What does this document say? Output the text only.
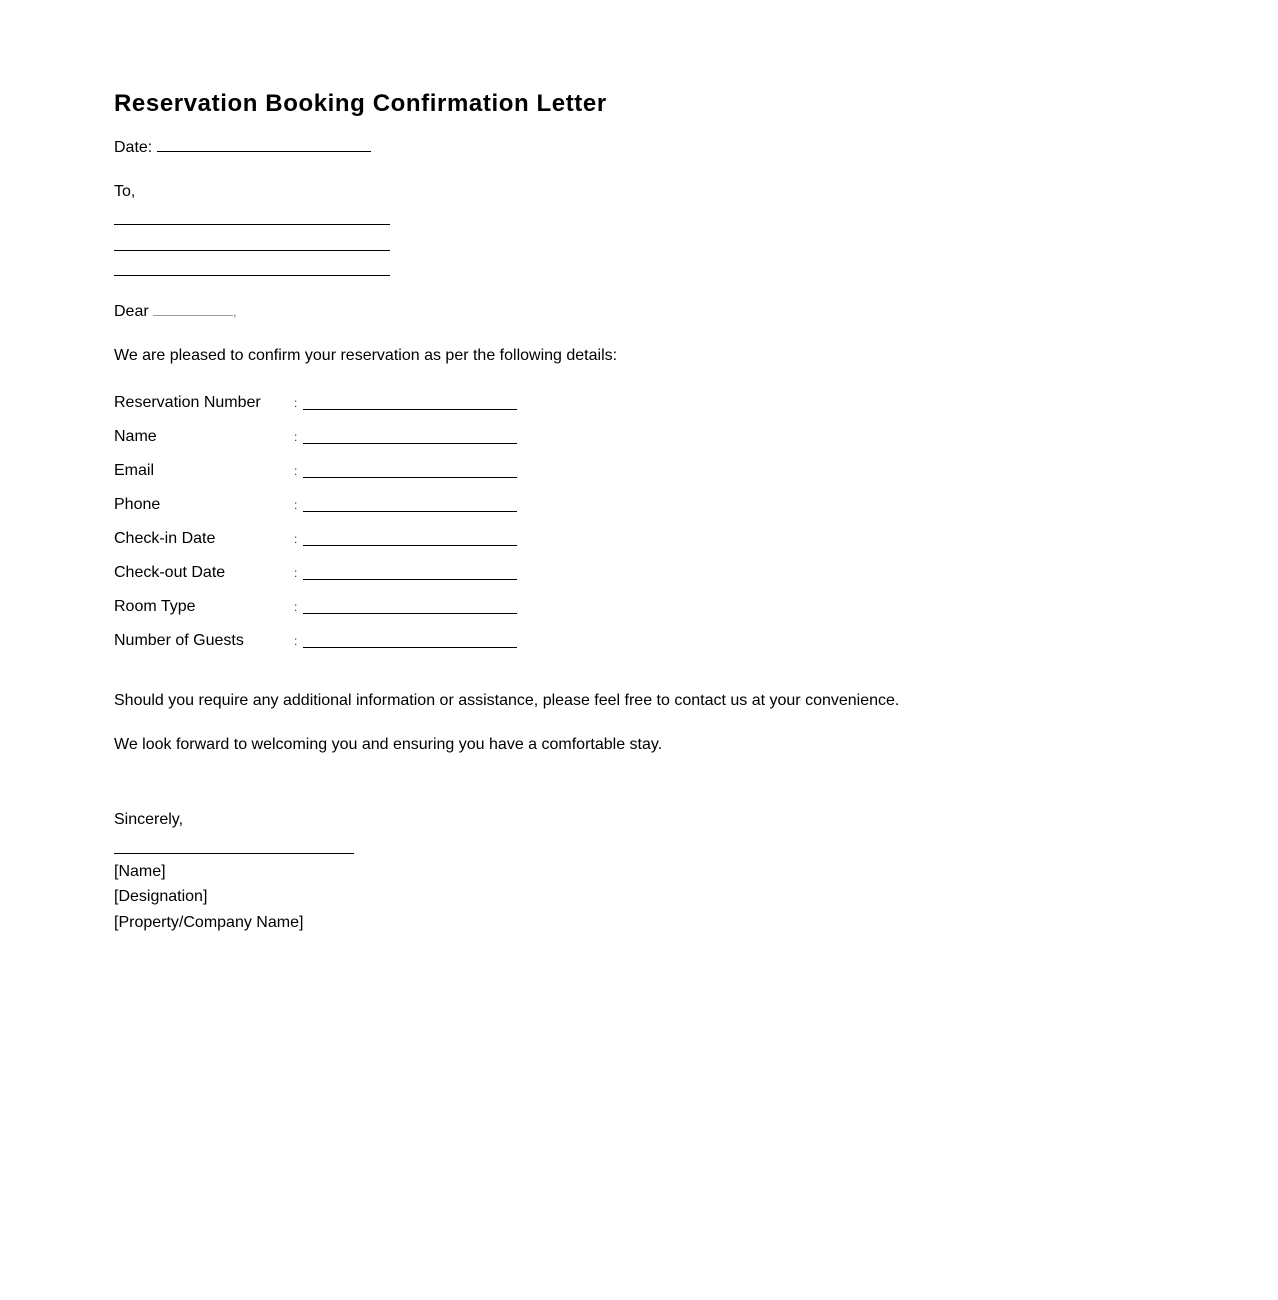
Reservation Booking Confirmation Letter
Date:
To,
Dear	,
We are pleased to confirm your reservation as per the following details:
Reservation Number	:
Name	:
Email	:
Phone	:
Check-in Date	:
Check-out Date	:
Room Type	:
Number of Guests	:
Should you require any additional information or assistance, please feel free to contact us at your convenience.
We look forward to welcoming you and ensuring you have a comfortable stay.
Sincerely,
[Name]
[Designation]
[Property/Company Name]
